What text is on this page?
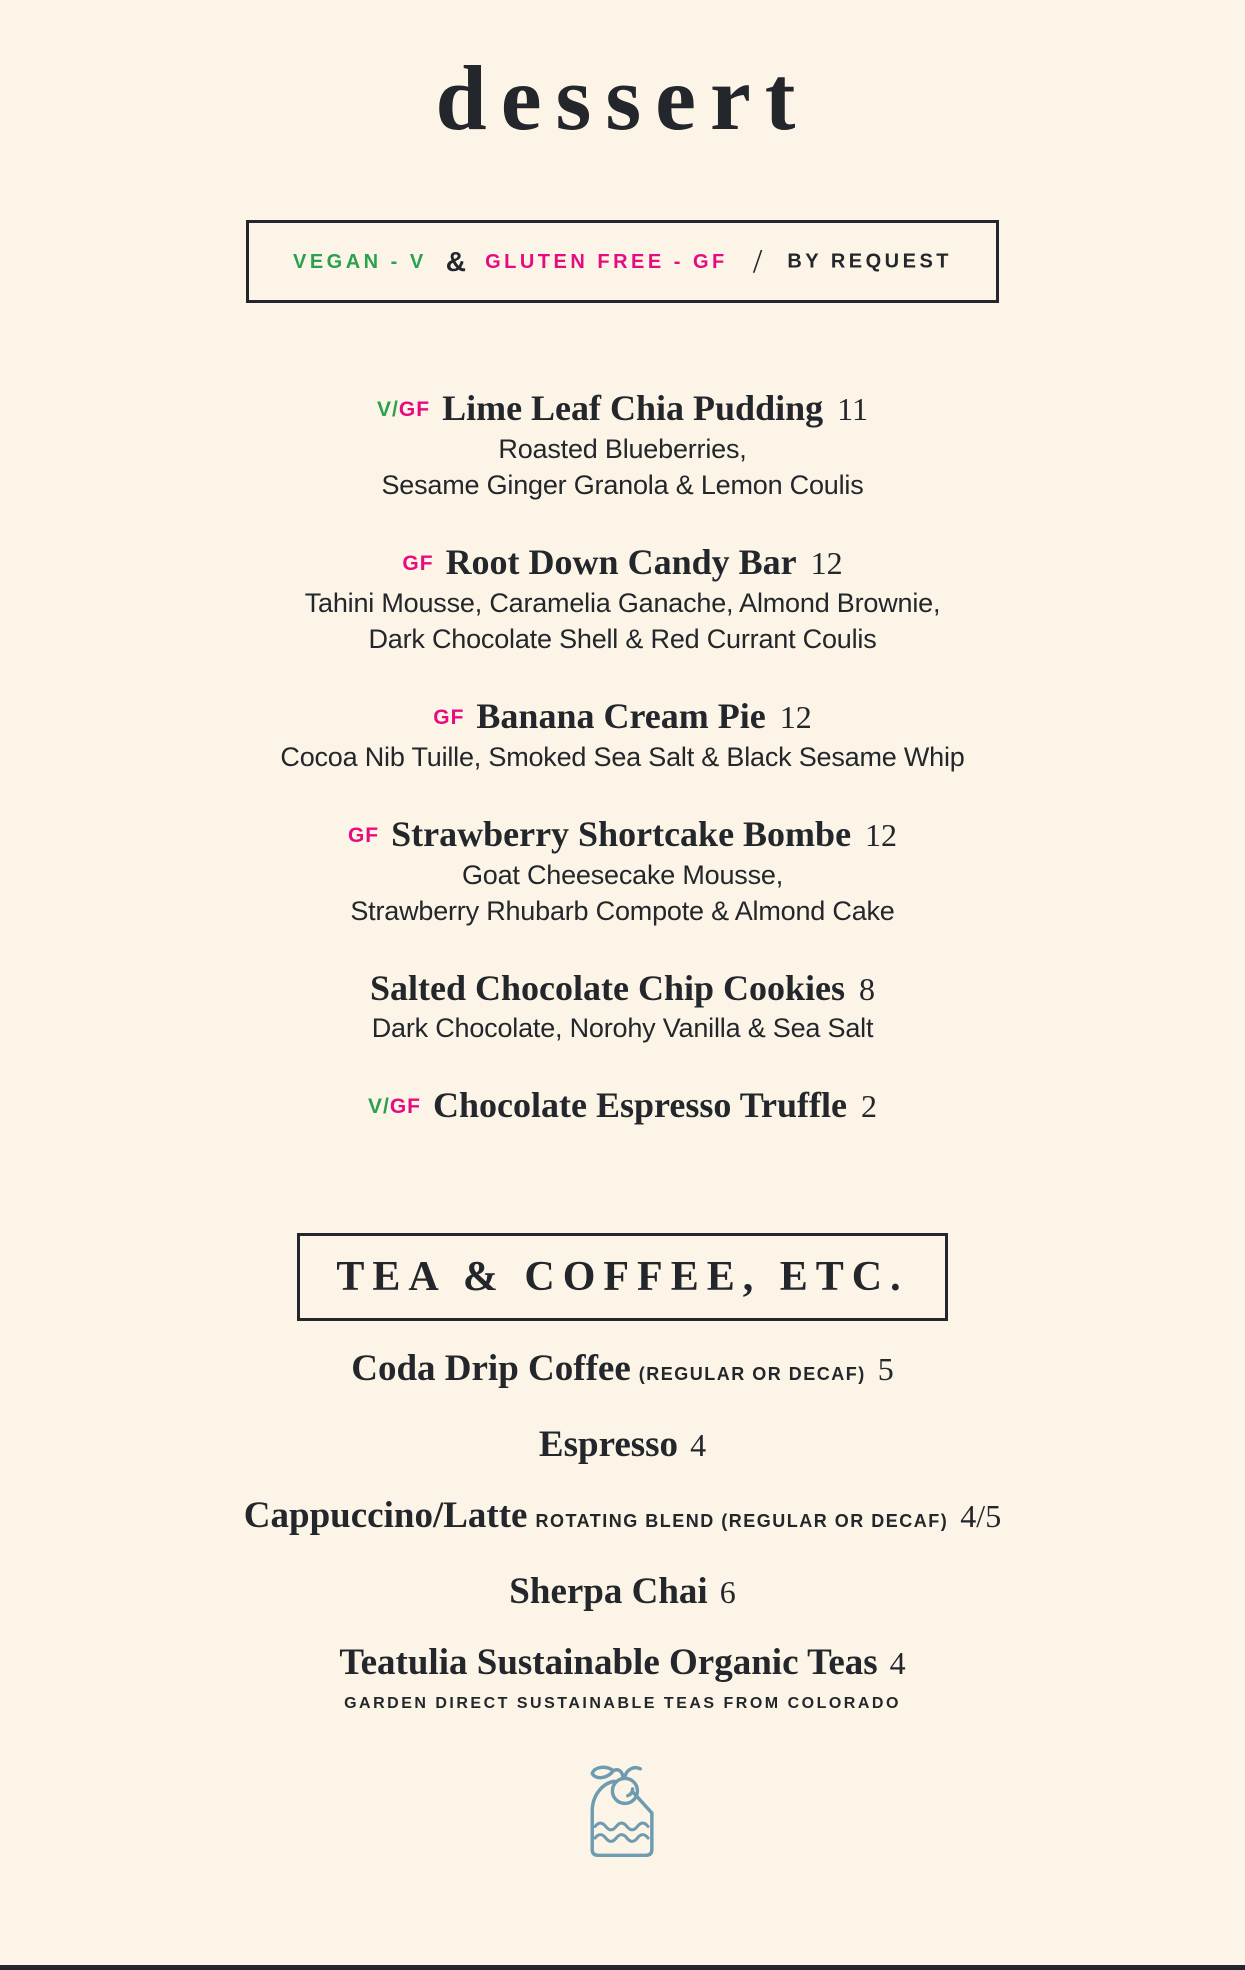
dessert
VEGAN - V & GLUTEN FREE - GF / BY REQUEST
V/GF Lime Leaf Chia Pudding 11
Roasted Blueberries,
Sesame Ginger Granola & Lemon Coulis
GF Root Down Candy Bar 12
Tahini Mousse, Caramelia Ganache, Almond Brownie,
Dark Chocolate Shell & Red Currant Coulis
GF Banana Cream Pie 12
Cocoa Nib Tuille, Smoked Sea Salt & Black Sesame Whip
GF Strawberry Shortcake Bombe 12
Goat Cheesecake Mousse,
Strawberry Rhubarb Compote & Almond Cake
Salted Chocolate Chip Cookies 8
Dark Chocolate, Norohy Vanilla & Sea Salt
V/GF Chocolate Espresso Truffle 2
TEA & COFFEE, ETC.
Coda Drip Coffee (REGULAR OR DECAF) 5
Espresso 4
Cappuccino/Latte ROTATING BLEND (REGULAR OR DECAF) 4/5
Sherpa Chai 6
Teatulia Sustainable Organic Teas 4
GARDEN DIRECT SUSTAINABLE TEAS FROM COLORADO
